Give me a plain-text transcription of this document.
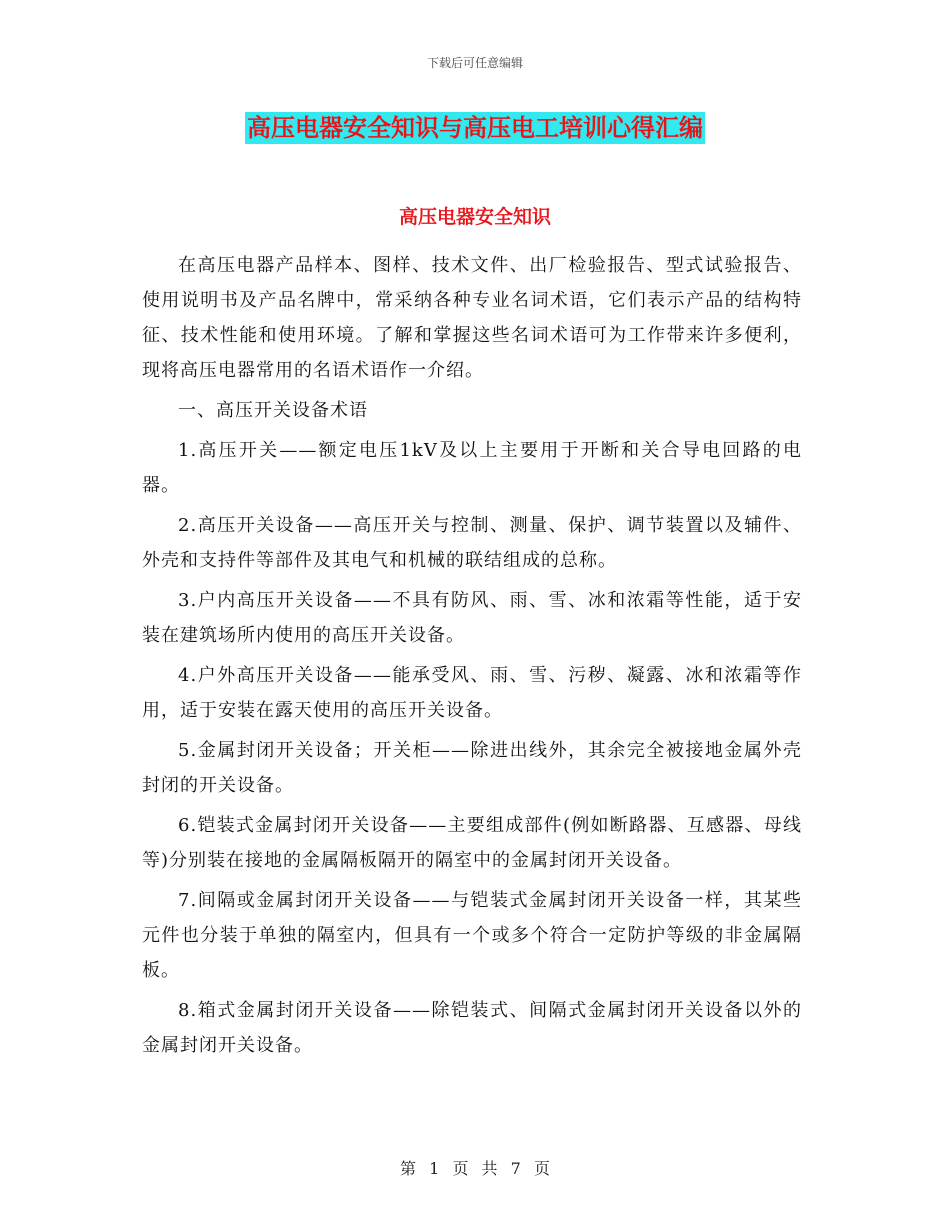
下载后可任意编辑
高压电器安全知识与高压电工培训心得汇编
高压电器安全知识

在高压电器产品样本、图样、技术文件、出厂检验报告、型式试验报告、使用说明书及产品名牌中，常采纳各种专业名词术语，它们表示产品的结构特征、技术性能和使用环境。了解和掌握这些名词术语可为工作带来许多便利，现将高压电器常用的名语术语作一介绍。

一、高压开关设备术语

1.高压开关——额定电压1kV及以上主要用于开断和关合导电回路的电器。

2.高压开关设备——高压开关与控制、测量、保护、调节装置以及辅件、外壳和支持件等部件及其电气和机械的联结组成的总称。

3.户内高压开关设备——不具有防风、雨、雪、冰和浓霜等性能，适于安装在建筑场所内使用的高压开关设备。

4.户外高压开关设备——能承受风、雨、雪、污秽、凝露、冰和浓霜等作用，适于安装在露天使用的高压开关设备。

5.金属封闭开关设备；开关柜——除进出线外，其余完全被接地金属外壳封闭的开关设备。

6.铠装式金属封闭开关设备——主要组成部件(例如断路器、互感器、母线等)分别装在接地的金属隔板隔开的隔室中的金属封闭开关设备。

7.间隔或金属封闭开关设备——与铠装式金属封闭开关设备一样，其某些元件也分装于单独的隔室内，但具有一个或多个符合一定防护等级的非金属隔板。

8.箱式金属封闭开关设备——除铠装式、间隔式金属封闭开关设备以外的金属封闭开关设备。

第 1 页 共 7 页
